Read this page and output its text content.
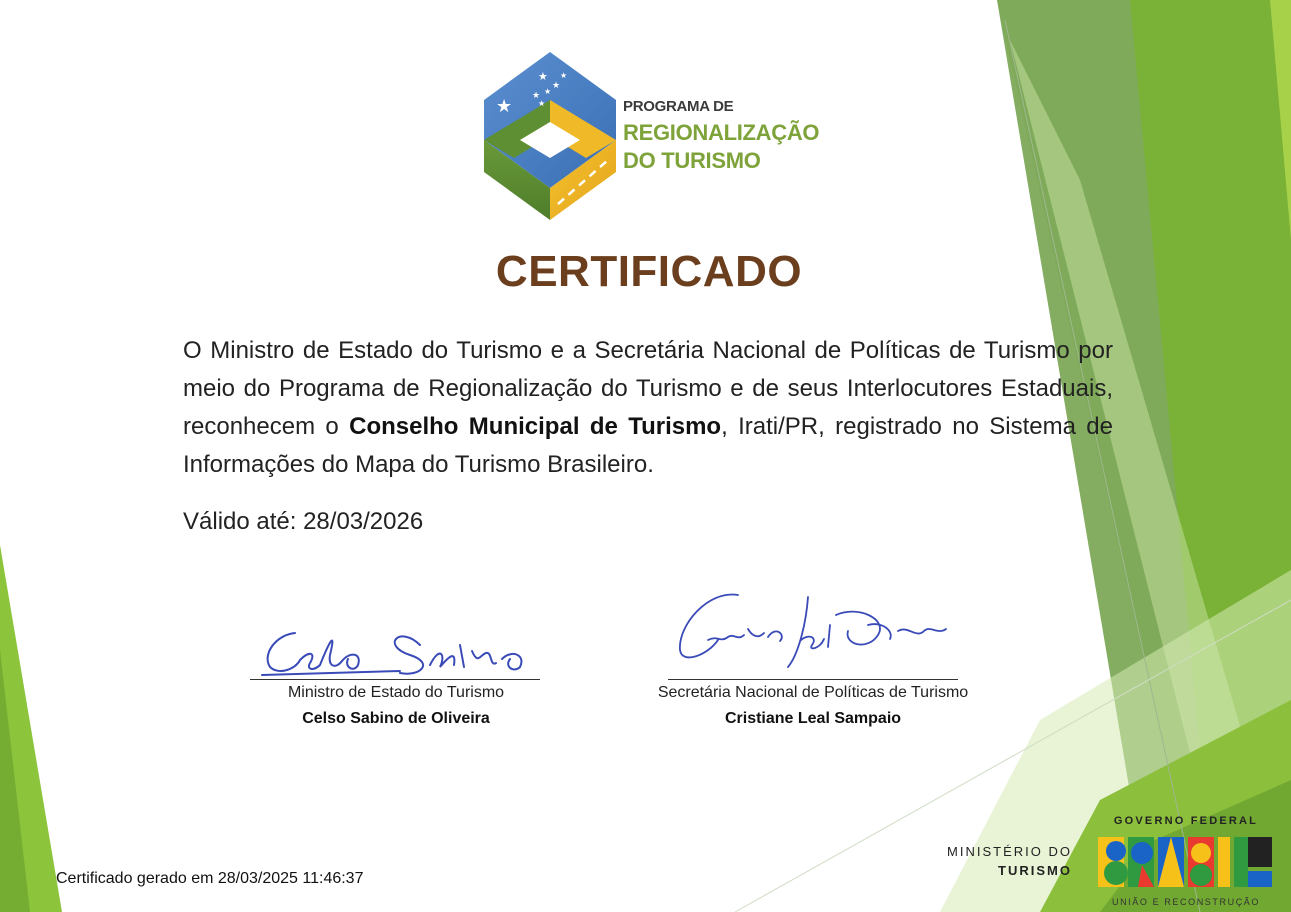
★
★
★
★
★
★
★	PROGRAMA DE
REGIONALIZAÇÃO
DO TURISMO
CERTIFICADO
O Ministro de Estado do Turismo e a Secretária Nacional de Políticas de Turismo por meio do Programa de Regionalização do Turismo e de seus Interlocutores Estaduais, reconhecem o Conselho Municipal de Turismo, Irati/PR, registrado no Sistema de Informações do Mapa do Turismo Brasileiro.
Válido até: 28/03/2026
Ministro de Estado do Turismo
Celso Sabino de Oliveira
Secretária Nacional de Políticas de Turismo
Cristiane Leal Sampaio
Certificado gerado em 28/03/2025 11:46:37
MINISTÉRIO DO
TURISMO
GOVERNO FEDERAL
UNIÃO E RECONSTRUÇÃO
